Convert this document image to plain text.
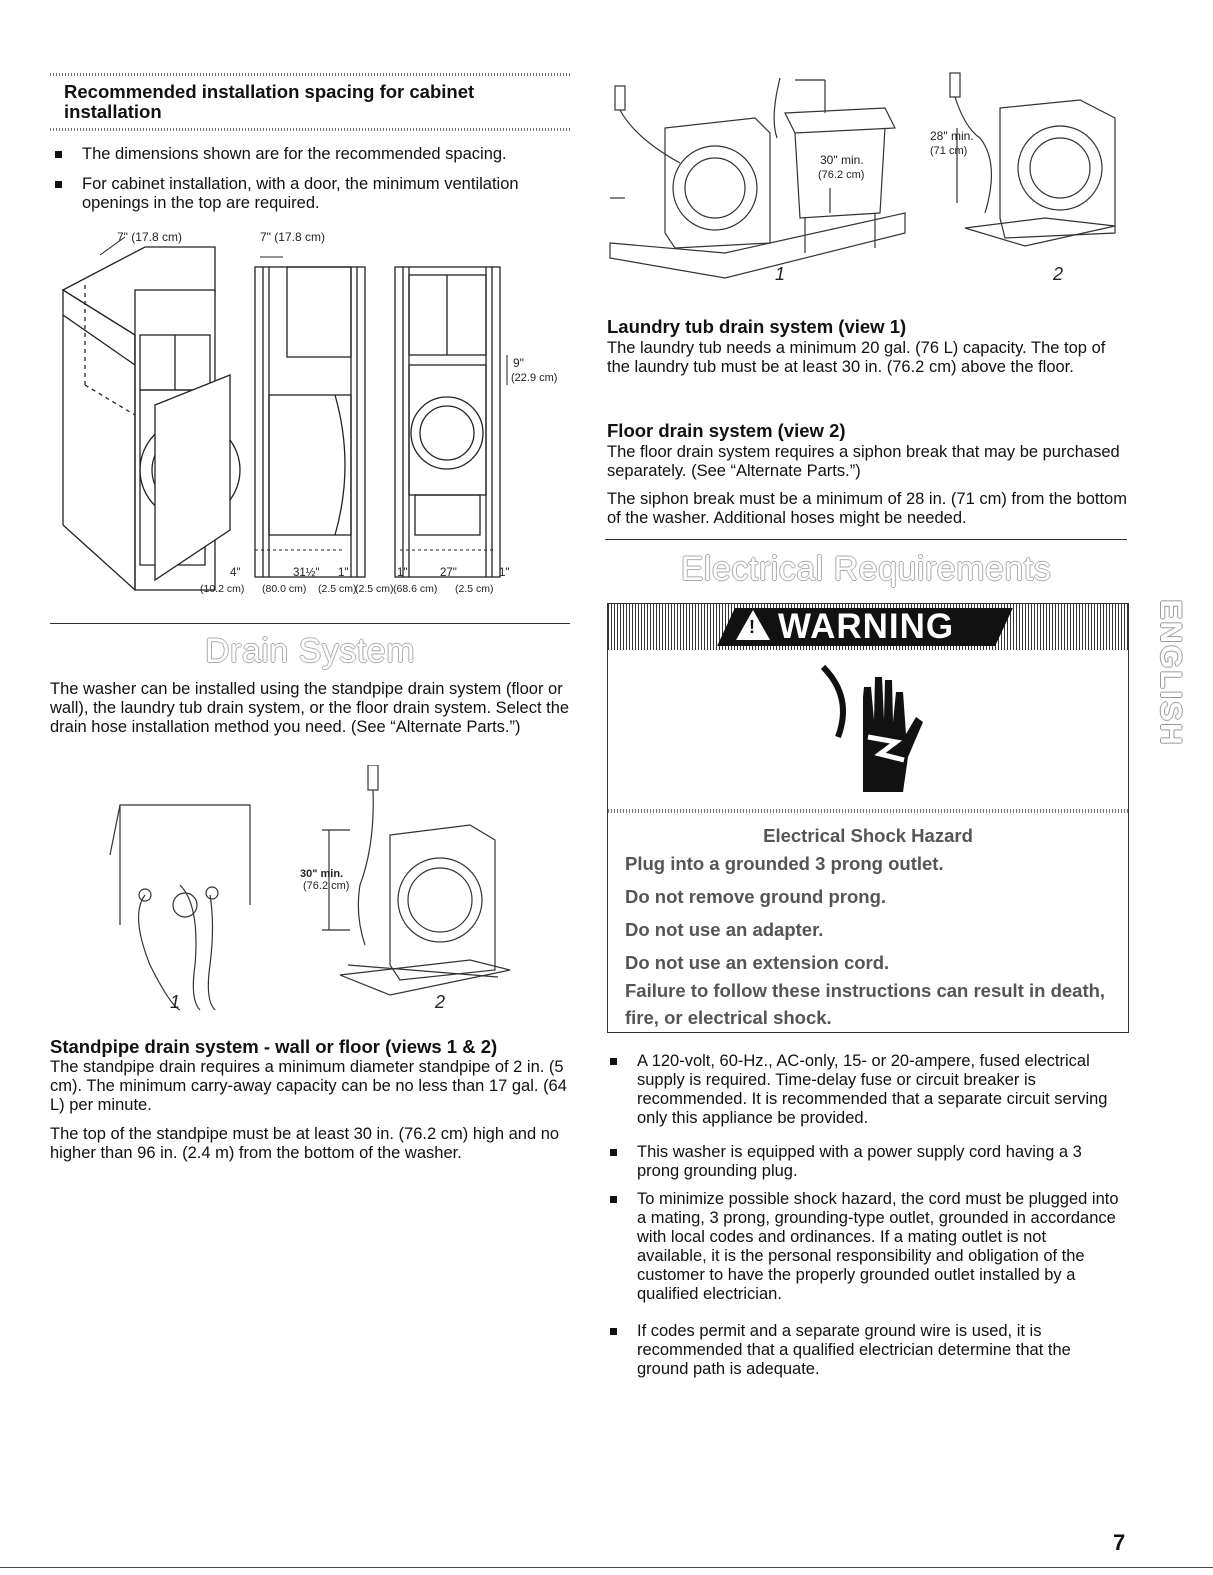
Recommended installation spacing for cabinet installation
The dimensions shown are for the recommended spacing.
For cabinet installation, with a door, the minimum ventilation openings in the top are required.
7" (17.8 cm)	7" (17.8 cm)
9"
(22.9 cm)
4"	31½" 1"	1"	27"	1"
(10.2 cm) (80.0 cm) (2.5 cm)
(2.5 cm) (68.6 cm) (2.5 cm)
Drain System
The washer can be installed using the standpipe drain system (floor or wall), the laundry tub drain system, or the floor drain system. Select the drain hose installation method you need. (See “Alternate Parts.”)
30" min.
(76.2 cm)
1	2
Standpipe drain system - wall or floor (views 1 & 2)
The standpipe drain requires a minimum diameter standpipe of 2 in. (5 cm). The minimum carry-away capacity can be no less than 17 gal. (64 L) per minute.
The top of the standpipe must be at least 30 in. (76.2 cm) high and no higher than 96 in. (2.4 m) from the bottom of the washer.
30" min.
(76.2 cm)
28" min.
(71 cm)
1	2
Laundry tub drain system (view 1)
The laundry tub needs a minimum 20 gal. (76 L) capacity. The top of the laundry tub must be at least 30 in. (76.2 cm) above the floor.
Floor drain system (view 2)
The floor drain system requires a siphon break that may be purchased separately. (See “Alternate Parts.”)
The siphon break must be a minimum of 28 in. (71 cm) from the bottom of the washer. Additional hoses might be needed.
Electrical Requirements
! WARNING
Electrical Shock Hazard
Plug into a grounded 3 prong outlet.
Do not remove ground prong.
Do not use an adapter.
Do not use an extension cord.
Failure to follow these instructions can result in death, fire, or electrical shock.
A 120-volt, 60-Hz., AC-only, 15- or 20-ampere, fused electrical supply is required. Time-delay fuse or circuit breaker is recommended. It is recommended that a separate circuit serving only this appliance be provided.
This washer is equipped with a power supply cord having a 3 prong grounding plug.
To minimize possible shock hazard, the cord must be plugged into a mating, 3 prong, grounding-type outlet, grounded in accordance with local codes and ordinances. If a mating outlet is not available, it is the personal responsibility and obligation of the customer to have the properly grounded outlet installed by a qualified electrician.
If codes permit and a separate ground wire is used, it is recommended that a qualified electrician determine that the ground path is adequate.
ENGLISH
7
